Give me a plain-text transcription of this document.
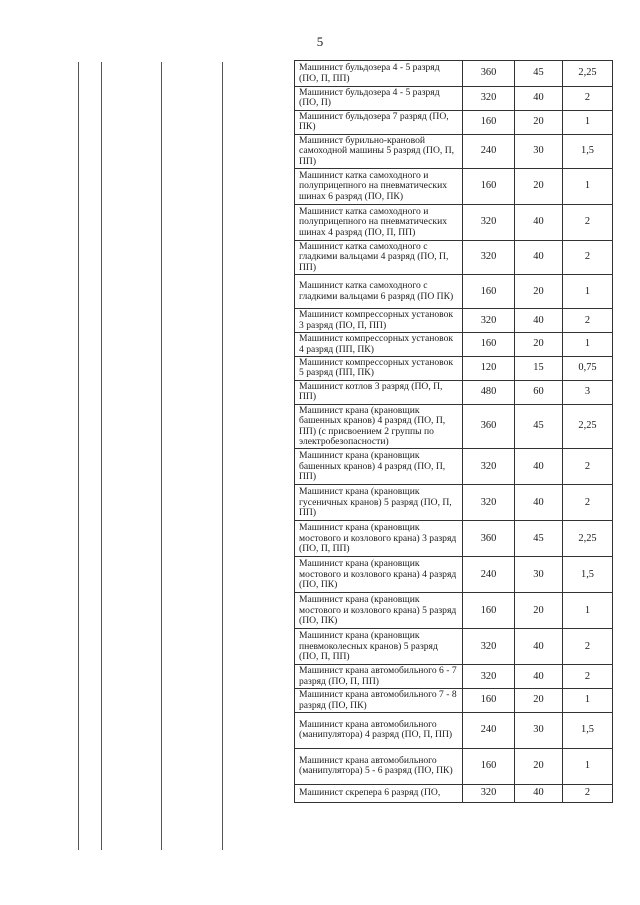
5
Машинист бульдозера 4 - 5 разряд (ПО, П, ПП)	360	45	2,25
Машинист бульдозера 4 - 5 разряд (ПО, П)	320	40	2
Машинист бульдозера 7 разряд (ПО, ПК)	160	20	1
Машинист бурильно-крановой самоходной машины 5 разряд (ПО, П, ПП)	240	30	1,5
Машинист катка самоходного и полуприцепного на пневматических шинах 6 разряд (ПО, ПК)	160	20	1
Машинист катка самоходного и полуприцепного на пневматических шинах 4 разряд (ПО, П, ПП)	320	40	2
Машинист катка самоходного с гладкими вальцами 4 разряд (ПО, П, ПП)	320	40	2
Машинист катка самоходного с гладкими вальцами 6 разряд (ПО ПК)	160	20	1
Машинист компрессорных установок 3 разряд (ПО, П, ПП)	320	40	2
Машинист компрессорных установок 4 разряд (ПП, ПК)	160	20	1
Машинист компрессорных установок 5 разряд (ПП, ПК)	120	15	0,75
Машинист котлов 3 разряд (ПО, П, ПП)	480	60	3
Машинист крана (крановщик башенных кранов) 4 разряд (ПО, П, ПП) (с присвоением 2 группы по электробезопасности)	360	45	2,25
Машинист крана (крановщик башенных кранов) 4 разряд (ПО, П, ПП)	320	40	2
Машинист крана (крановщик гусеничных кранов) 5 разряд (ПО, П, ПП)	320	40	2
Машинист крана (крановщик мостового и козлового крана) 3 разряд (ПО, П, ПП)	360	45	2,25
Машинист крана (крановщик мостового и козлового крана) 4 разряд (ПО, ПК)	240	30	1,5
Машинист крана (крановщик мостового и козлового крана) 5 разряд (ПО, ПК)	160	20	1
Машинист крана (крановщик пневмоколесных кранов) 5 разряд (ПО, П, ПП)	320	40	2
Машинист крана автомобильного 6 - 7 разряд (ПО, П, ПП)	320	40	2
Машинист крана автомобильного 7 - 8 разряд (ПО, ПК)	160	20	1
Машинист крана автомобильного (манипулятора) 4 разряд (ПО, П, ПП)	240	30	1,5
Машинист крана автомобильного (манипулятора) 5 - 6 разряд (ПО, ПК)	160	20	1
Машинист скрепера 6 разряд (ПО,	320	40	2
